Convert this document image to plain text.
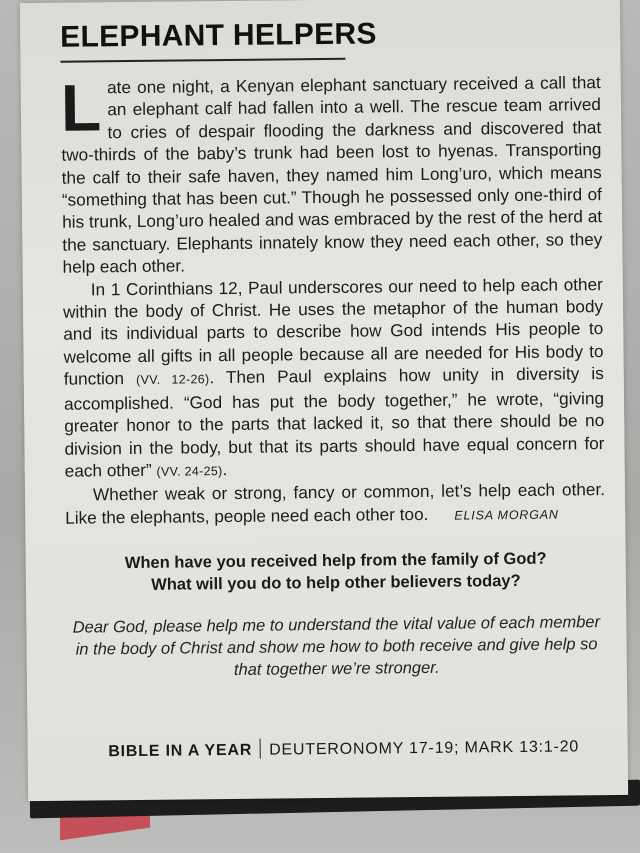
ELEPHANT HELPERS

Late one night, a Kenyan elephant sanctuary received a call that an elephant calf had fallen into a well. The rescue team arrived to cries of despair flooding the darkness and discovered that two-thirds of the baby’s trunk had been lost to hyenas. Transporting the calf to their safe haven, they named him Long’uro, which means “something that has been cut.” Though he possessed only one-third of his trunk, Long’uro healed and was embraced by the rest of the herd at the sanctuary. Elephants innately know they need each other, so they help each other.

In 1 Corinthians 12, Paul underscores our need to help each other within the body of Christ. He uses the metaphor of the human body and its individual parts to describe how God intends His people to welcome all gifts in all people because all are needed for His body to function (VV. 12-26). Then Paul explains how unity in diversity is accomplished. “God has put the body together,” he wrote, “giving greater honor to the parts that lacked it, so that there should be no division in the body, but that its parts should have equal concern for each other” (VV. 24-25).

Whether weak or strong, fancy or common, let’s help each other. Like the elephants, people need each other too. ELISA MORGAN

When have you received help from the family of God?
What will you do to help other believers today?
Dear God, please help me to understand the vital value of each member in the body of Christ and show me how to both receive and give help so that together we’re stronger.
BIBLE IN A YEAR DEUTERONOMY 17-19; MARK 13:1-20
